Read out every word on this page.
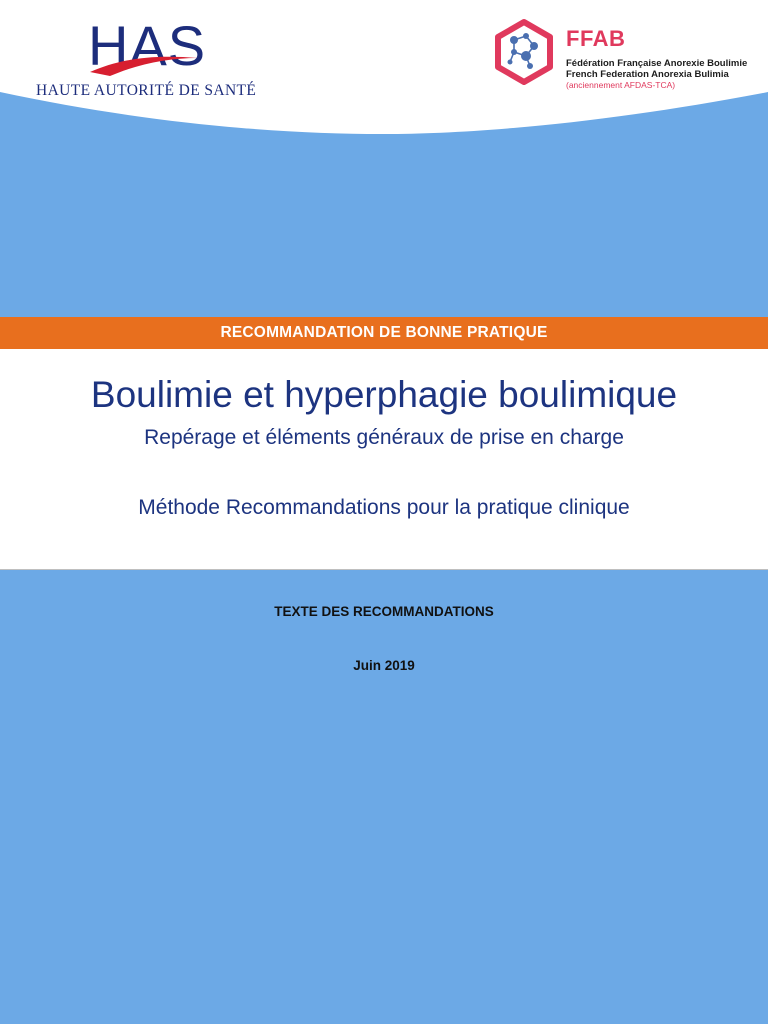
HAS
HAUTE AUTORITÉ DE SANTÉ
FFAB
Fédération Française Anorexie Boulimie
French Federation Anorexia Bulimia
(anciennement AFDAS-TCA)
RECOMMANDATION DE BONNE PRATIQUE
Boulimie et hyperphagie boulimique
Repérage et éléments généraux de prise en charge
Méthode Recommandations pour la pratique clinique
TEXTE DES RECOMMANDATIONS
Juin 2019
